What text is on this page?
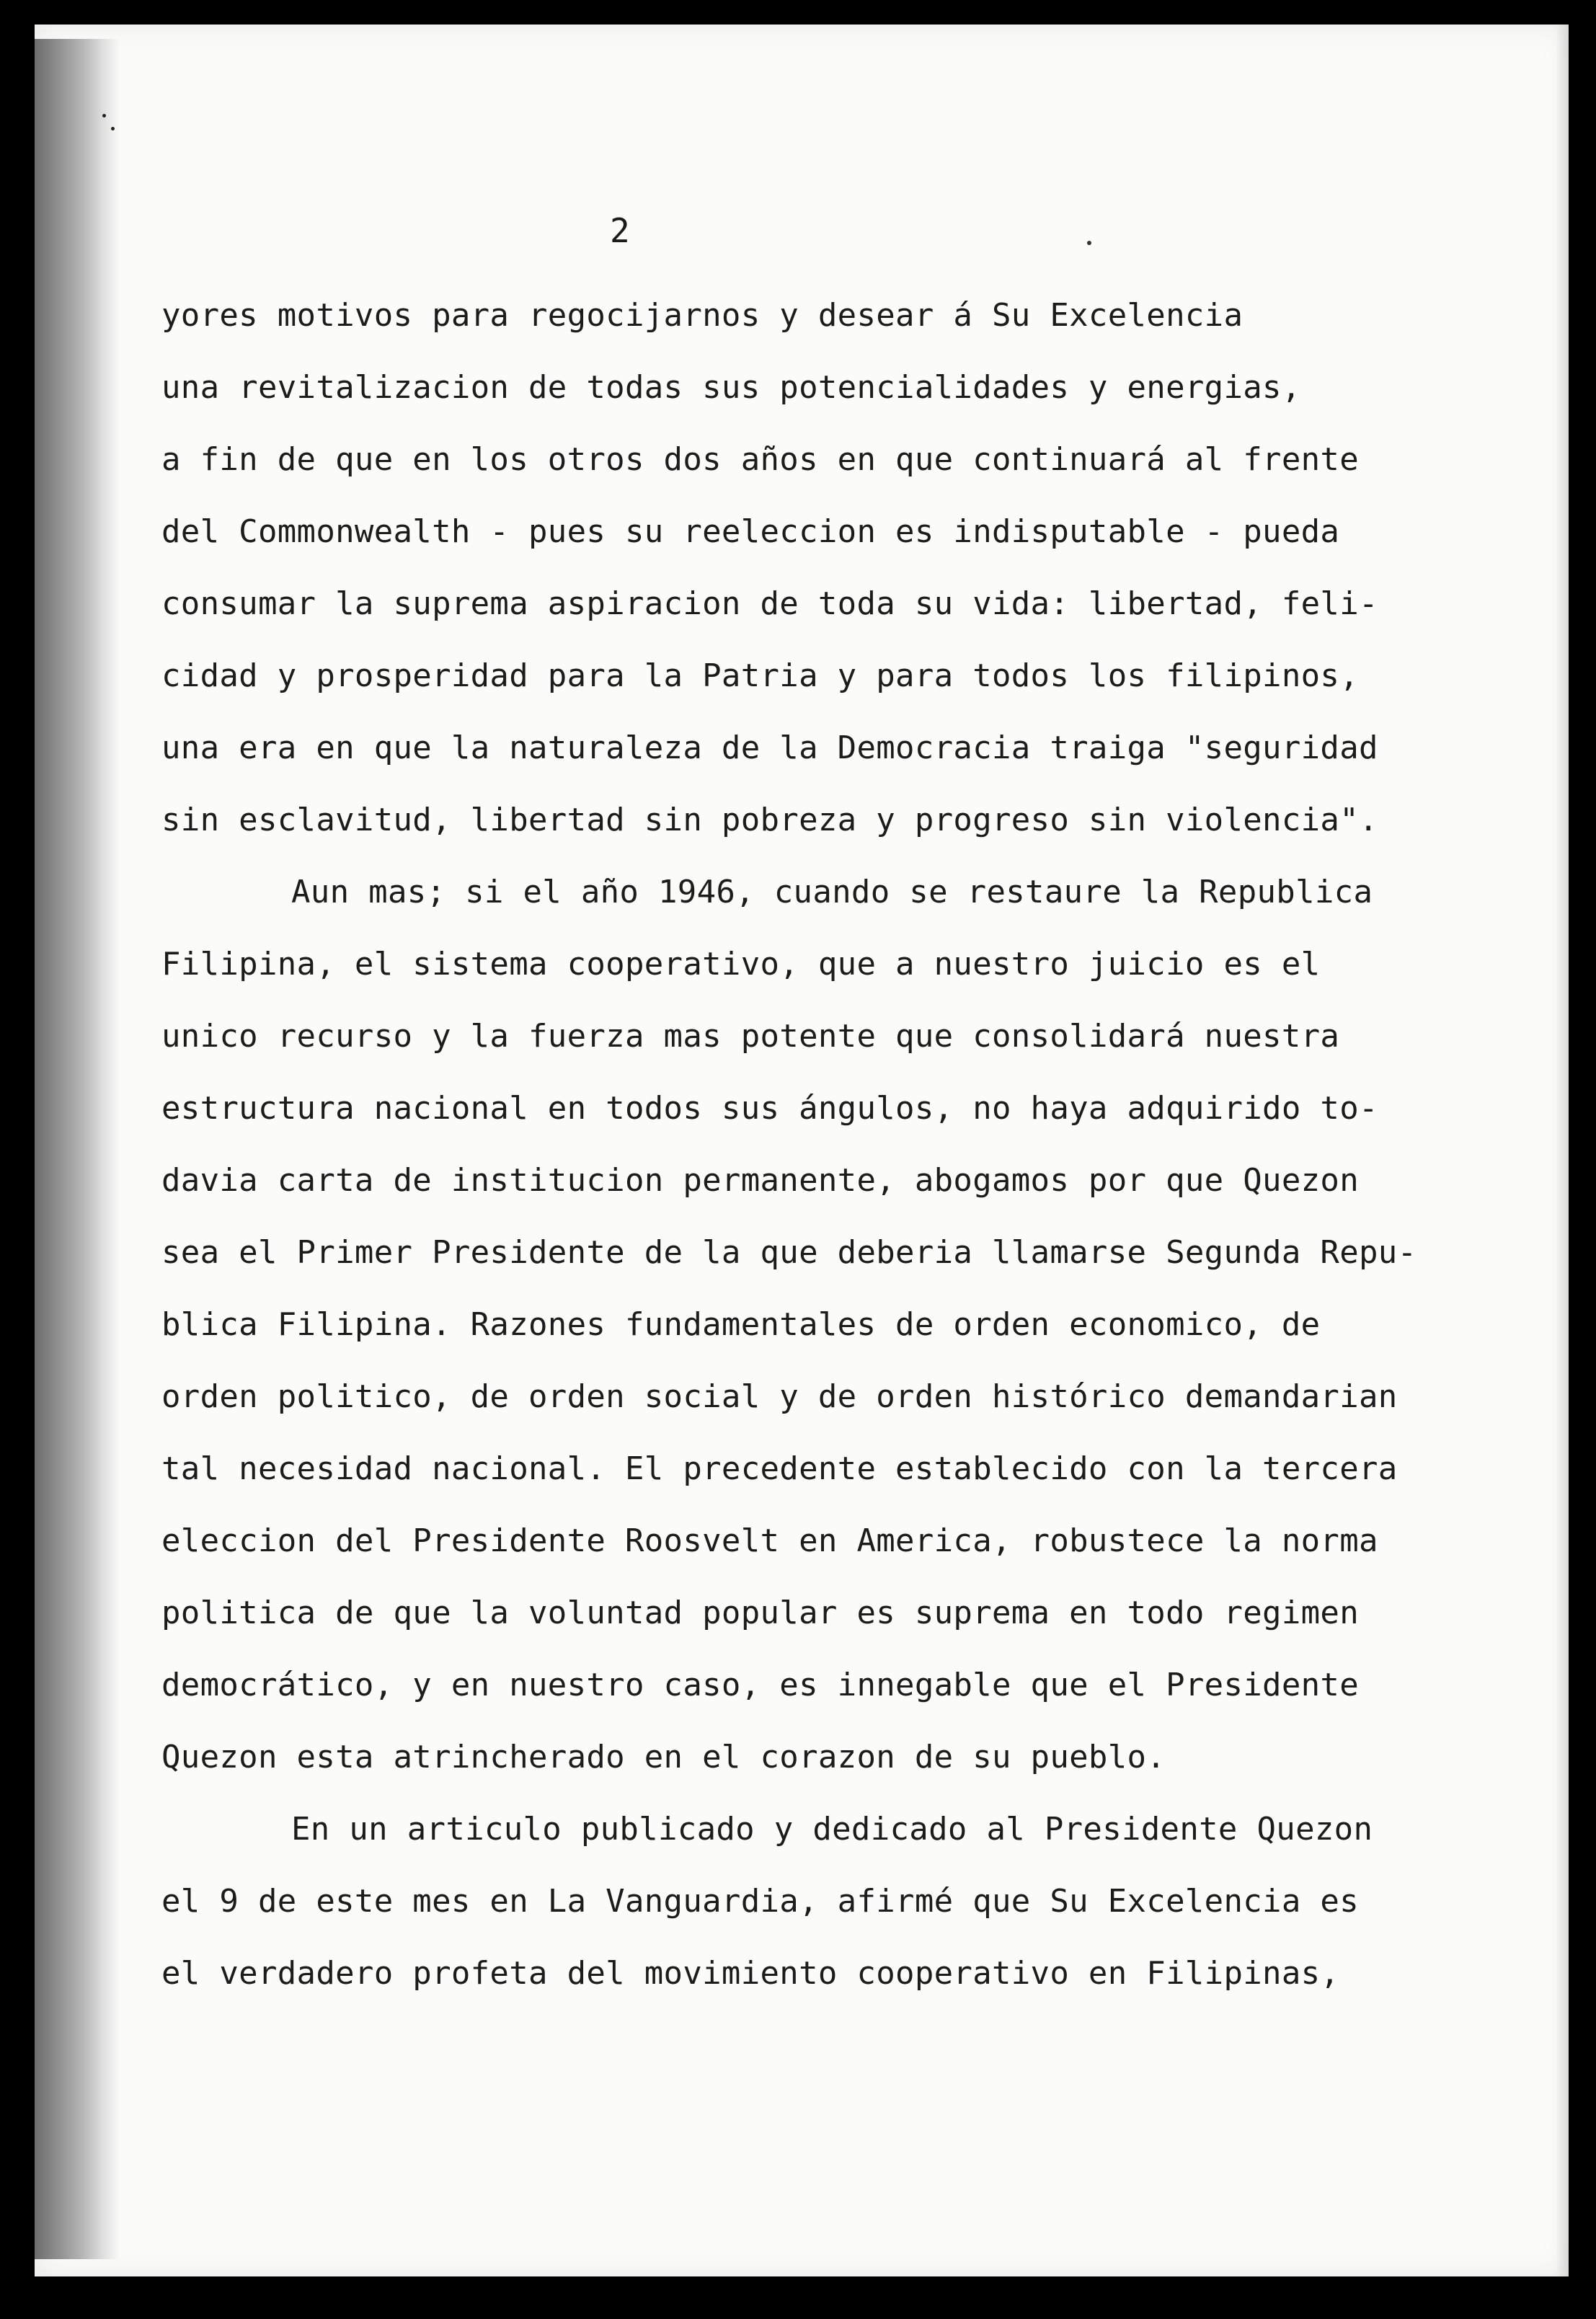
2
yores motivos para regocijarnos y desear á Su Excelencia
una revitalizacion de todas sus potencialidades y energias,
a fin de que en los otros dos años en que continuará al frente
del Commonwealth - pues su reeleccion es indisputable - pueda
consumar la suprema aspiracion de toda su vida: libertad, feli-
cidad y prosperidad para la Patria y para todos los filipinos,
una era en que la naturaleza de la Democracia traiga "seguridad
sin esclavitud, libertad sin pobreza y progreso sin violencia".
Aun mas; si el año 1946, cuando se restaure la Republica
Filipina, el sistema cooperativo, que a nuestro juicio es el
unico recurso y la fuerza mas potente que consolidará nuestra
estructura nacional en todos sus ángulos, no haya adquirido to-
davia carta de institucion permanente, abogamos por que Quezon
sea el Primer Presidente de la que deberia llamarse Segunda Repu-
blica Filipina. Razones fundamentales de orden economico, de
orden politico, de orden social y de orden histórico demandarian
tal necesidad nacional. El precedente establecido con la tercera
eleccion del Presidente Roosvelt en America, robustece la norma
politica de que la voluntad popular es suprema en todo regimen
democrático, y en nuestro caso, es innegable que el Presidente
Quezon esta atrincherado en el corazon de su pueblo.
En un articulo publicado y dedicado al Presidente Quezon
el 9 de este mes en La Vanguardia, afirmé que Su Excelencia es
el verdadero profeta del movimiento cooperativo en Filipinas,
